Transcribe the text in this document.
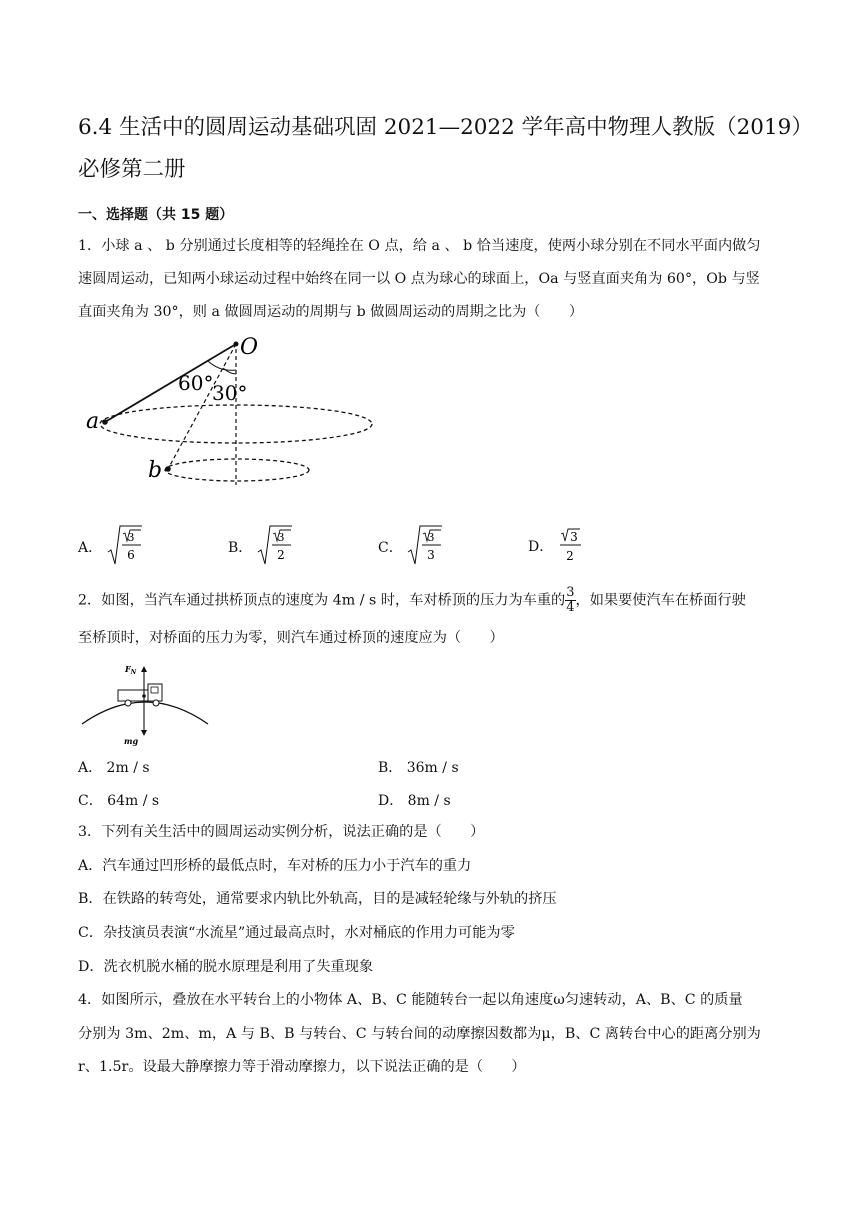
6.4 生活中的圆周运动基础巩固 2021—2022 学年高中物理人教版（2019）
必修第二册
一、选择题（共 15 题）
1．小球 a 、 b 分别通过长度相等的轻绳拴在 O 点，给 a 、 b 恰当速度，使两小球分别在不同水平面内做匀
速圆周运动，已知两小球运动过程中始终在同一以 O 点为球心的球面上，Oa 与竖直面夹角为 60°，Ob 与竖
直面夹角为 30°，则 a 做圆周运动的周期与 b 做圆周运动的周期之比为（　　）
O
a
b
60°
30°
A．
3
6	B．
3
2	C．
3
3	D．
3
2
2．如图，当汽车通过拱桥顶点的速度为 4m / s 时，车对桥顶的压力为车重的 $\frac{3}{4}$ ，如果要使汽车在桥面行驶
至桥顶时，对桥面的压力为零，则汽车通过桥顶的速度应为（　　）
$F_N$
mg
A． 2m / s	B． 36m / s
C． 64m / s	D． 8m / s
3．下列有关生活中的圆周运动实例分析，说法正确的是（　　）
A．汽车通过凹形桥的最低点时，车对桥的压力小于汽车的重力
B．在铁路的转弯处，通常要求内轨比外轨高，目的是减轻轮缘与外轨的挤压
C．杂技演员表演“水流星”通过最高点时，水对桶底的作用力可能为零
D．洗衣机脱水桶的脱水原理是利用了失重现象
4．如图所示，叠放在水平转台上的小物体 A、B、C 能随转台一起以角速度ω匀速转动，A、B、C 的质量
分别为 3m、2m、m，A 与 B、B 与转台、C 与转台间的动摩擦因数都为μ，B、C 离转台中心的距离分别为
r、1.5r。设最大静摩擦力等于滑动摩擦力，以下说法正确的是（　　）
